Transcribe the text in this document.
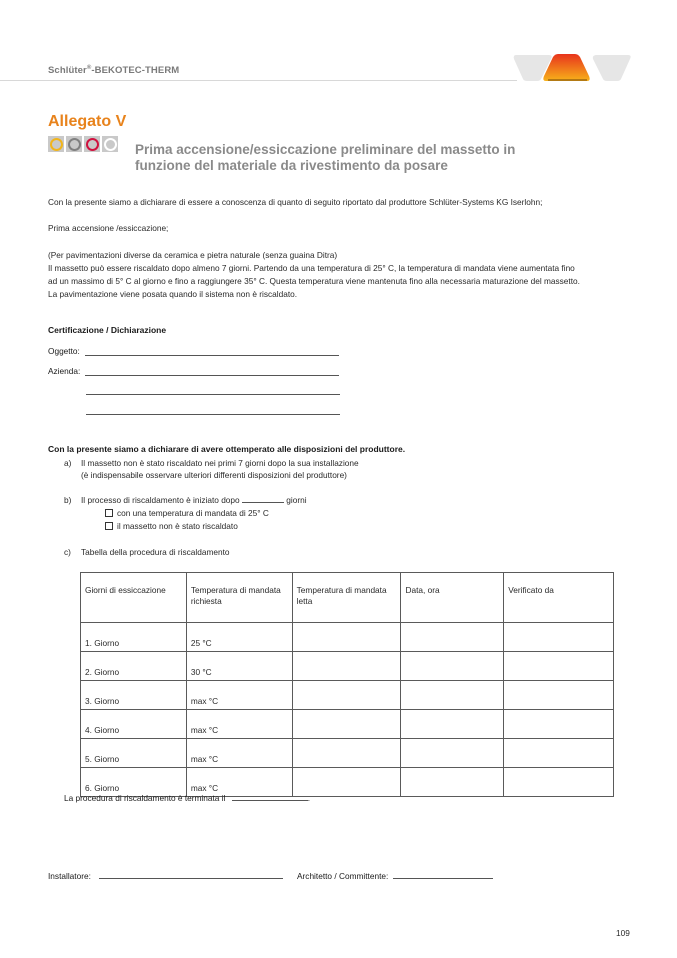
Schlüter®-BEKOTEC-THERM
Allegato V
Prima accensione/essiccazione preliminare del massetto in
funzione del materiale da rivestimento da posare
Con la presente siamo a dichiarare di essere a conoscenza di quanto di seguito riportato dal produttore Schlüter-Systems KG Iserlohn;
Prima accensione /essiccazione;
(Per pavimentazioni diverse da ceramica e pietra naturale (senza guaina Ditra)
Il massetto può essere riscaldato dopo almeno 7 giorni. Partendo da una temperatura di 25° C, la temperatura di mandata viene aumentata fino
ad un massimo di 5° C al giorno e fino a raggiungere 35° C. Questa temperatura viene mantenuta fino alla necessaria maturazione del massetto.
La pavimentazione viene posata quando il sistema non è riscaldato.
Certificazione / Dichiarazione
Oggetto:
Azienda:
Con la presente siamo a dichiarare di avere ottemperato alle disposizioni del produttore.
a) Il massetto non è stato riscaldato nei primi 7 giorni dopo la sua installazione
(è indispensabile osservare ulteriori differenti disposizioni del produttore)
b) Il processo di riscaldamento è iniziato dopo	giorni
con una temperatura di mandata di 25° C
il massetto non è stato riscaldato
c) Tabella della procedura di riscaldamento
Giorni di essiccazione	Temperatura di mandata richiesta	Temperatura di mandata letta	Data, ora	Verificato da
1. Giorno	25 °C			
2. Giorno	30 °C			
3. Giorno	max °C			
4. Giorno	max °C			
5. Giorno	max °C			
6. Giorno	max °C			
La procedura di riscaldamento è terminata il	.
Installatore:	Architetto / Committente:
109
